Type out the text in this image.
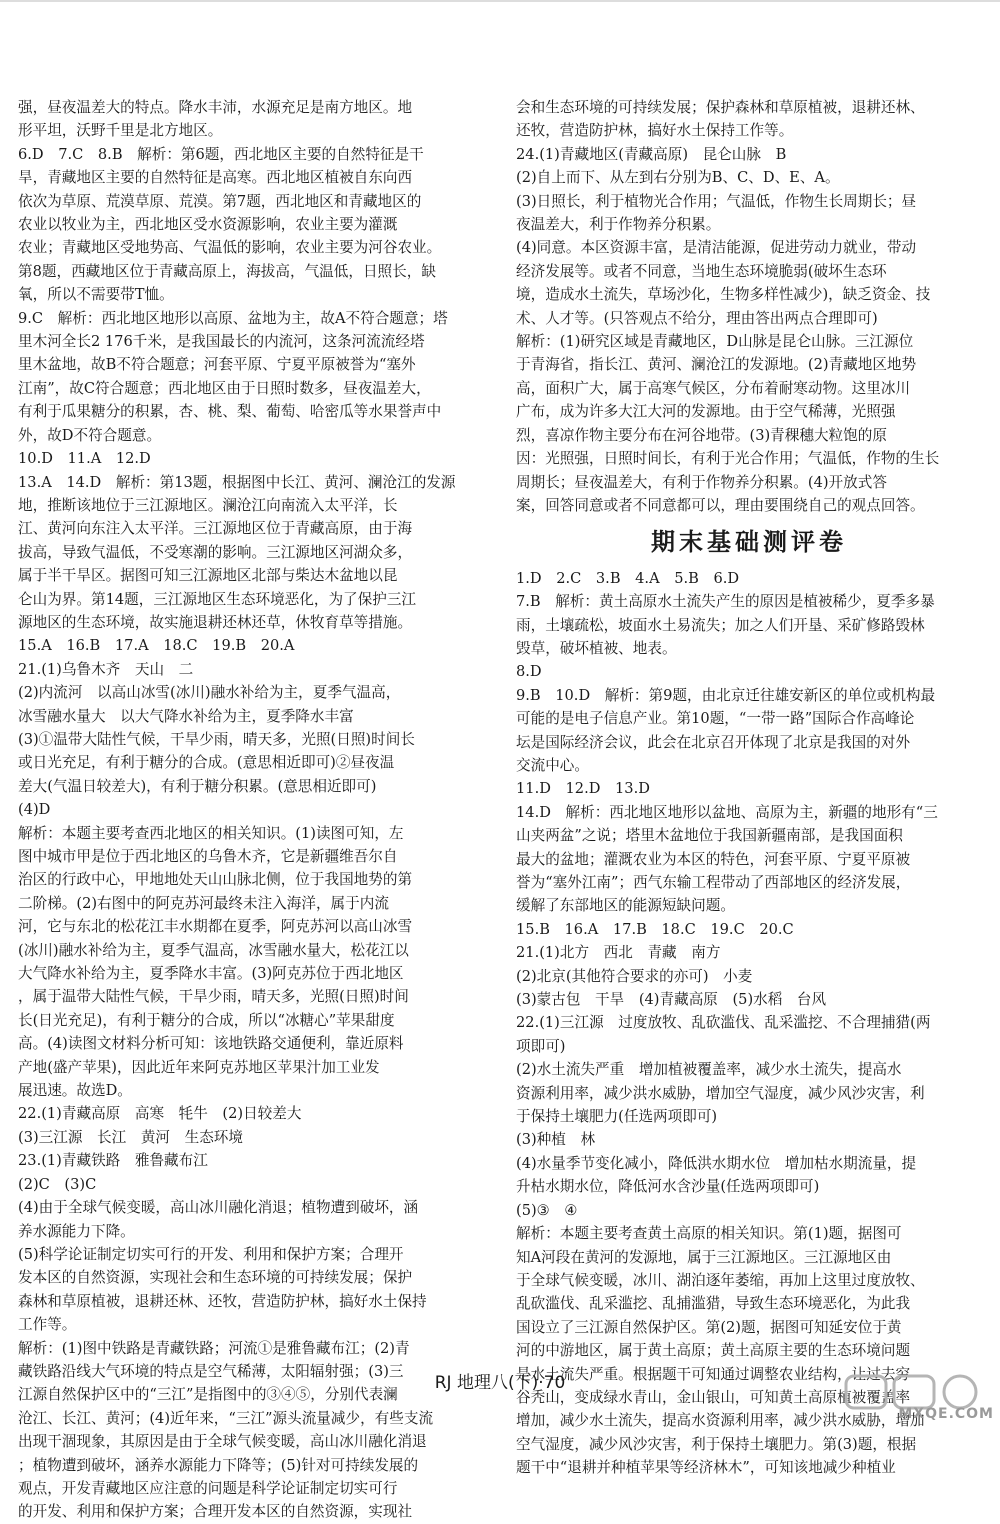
强，昼夜温差大的特点。降水丰沛，水源充足是南方地区。地
形平坦，沃野千里是北方地区。
6.D　7.C　8.B　解析：第6题，西北地区主要的自然特征是干
旱，青藏地区主要的自然特征是高寒。西北地区植被自东向西
依次为草原、荒漠草原、荒漠。第7题，西北地区和青藏地区的
农业以牧业为主，西北地区受水资源影响，农业主要为灌溉
农业；青藏地区受地势高、气温低的影响，农业主要为河谷农业。
第8题，西藏地区位于青藏高原上，海拔高，气温低，日照长，缺
氧，所以不需要带T恤。
9.C　解析：西北地区地形以高原、盆地为主，故A不符合题意；塔
里木河全长2 176千米，是我国最长的内流河，这条河流流经塔
里木盆地，故B不符合题意；河套平原、宁夏平原被誉为“塞外
江南”，故C符合题意；西北地区由于日照时数多，昼夜温差大，
有利于瓜果糖分的积累，杏、桃、梨、葡萄、哈密瓜等水果誉声中
外，故D不符合题意。
10.D　11.A　12.D
13.A　14.D　解析：第13题，根据图中长江、黄河、澜沧江的发源
地，推断该地位于三江源地区。澜沧江向南流入太平洋，长
江、黄河向东注入太平洋。三江源地区位于青藏高原，由于海
拔高，导致气温低，不受寒潮的影响。三江源地区河湖众多，
属于半干旱区。据图可知三江源地区北部与柴达木盆地以昆
仑山为界。第14题，三江源地区生态环境恶化，为了保护三江
源地区的生态环境，故实施退耕还林还草，休牧育草等措施。
15.A　16.B　17.A　18.C　19.B　20.A
21.(1)乌鲁木齐　天山　二
(2)内流河　以高山冰雪(冰川)融水补给为主，夏季气温高，
冰雪融水量大　以大气降水补给为主，夏季降水丰富
(3)①温带大陆性气候，干旱少雨，晴天多，光照(日照)时间长
或日光充足，有利于糖分的合成。(意思相近即可)②昼夜温
差大(气温日较差大)，有利于糖分积累。(意思相近即可)
(4)D
解析：本题主要考查西北地区的相关知识。(1)读图可知，左
图中城市甲是位于西北地区的乌鲁木齐，它是新疆维吾尔自
治区的行政中心，甲地地处天山山脉北侧，位于我国地势的第
二阶梯。(2)右图中的阿克苏河最终未注入海洋，属于内流
河，它与东北的松花江丰水期都在夏季，阿克苏河以高山冰雪
(冰川)融水补给为主，夏季气温高，冰雪融水量大，松花江以
大气降水补给为主，夏季降水丰富。(3)阿克苏位于西北地区
，属于温带大陆性气候，干旱少雨，晴天多，光照(日照)时间
长(日光充足)，有利于糖分的合成，所以“冰糖心”苹果甜度
高。(4)读图文材料分析可知：该地铁路交通便利，靠近原料
产地(盛产苹果)，因此近年来阿克苏地区苹果汁加工业发
展迅速。故选D。
22.(1)青藏高原　高寒　牦牛　(2)日较差大
(3)三江源　长江　黄河　生态环境
23.(1)青藏铁路　雅鲁藏布江
(2)C　(3)C
(4)由于全球气候变暖，高山冰川融化消退；植物遭到破坏，涵
养水源能力下降。
(5)科学论证制定切实可行的开发、利用和保护方案；合理开
发本区的自然资源，实现社会和生态环境的可持续发展；保护
森林和草原植被，退耕还林、还牧，营造防护林，搞好水土保持
工作等。
解析：(1)图中铁路是青藏铁路；河流①是雅鲁藏布江；(2)青
藏铁路沿线大气环境的特点是空气稀薄，太阳辐射强；(3)三
江源自然保护区中的“三江”是指图中的③④⑤，分别代表澜
沧江、长江、黄河；(4)近年来，“三江”源头流量减少，有些支流
出现干涸现象，其原因是由于全球气候变暖，高山冰川融化消退
；植物遭到破坏，涵养水源能力下降等；(5)针对可持续发展的
观点，开发青藏地区应注意的问题是科学论证制定切实可行
的开发、利用和保护方案；合理开发本区的自然资源，实现社
会和生态环境的可持续发展；保护森林和草原植被，退耕还林、
还牧，营造防护林，搞好水土保持工作等。
24.(1)青藏地区(青藏高原)　昆仑山脉　B
(2)自上而下、从左到右分别为B、C、D、E、A。
(3)日照长，利于植物光合作用；气温低，作物生长周期长；昼
夜温差大，利于作物养分积累。
(4)同意。本区资源丰富，是清洁能源，促进劳动力就业，带动
经济发展等。或者不同意，当地生态环境脆弱(破坏生态环
境，造成水土流失，草场沙化，生物多样性减少)，缺乏资金、技
术、人才等。(只答观点不给分，理由答出两点合理即可)
解析：(1)研究区域是青藏地区，D山脉是昆仑山脉。三江源位
于青海省，指长江、黄河、澜沧江的发源地。(2)青藏地区地势
高，面积广大，属于高寒气候区，分布着耐寒动物。这里冰川
广布，成为许多大江大河的发源地。由于空气稀薄，光照强
烈，喜凉作物主要分布在河谷地带。(3)青稞穗大粒饱的原
因：光照强，日照时间长，有利于光合作用；气温低，作物的生长
周期长；昼夜温差大，有利于作物养分积累。(4)开放式答
案，回答同意或者不同意都可以，理由要围绕自己的观点回答。
期末基础测评卷
1.D　2.C　3.B　4.A　5.B　6.D
7.B　解析：黄土高原水土流失产生的原因是植被稀少，夏季多暴
雨，土壤疏松，坡面水土易流失；加之人们开垦、采矿修路毁林
毁草，破坏植被、地表。
8.D
9.B　10.D　解析：第9题，由北京迁往雄安新区的单位或机构最
可能的是电子信息产业。第10题，“一带一路”国际合作高峰论
坛是国际经济会议，此会在北京召开体现了北京是我国的对外
交流中心。
11.D　12.D　13.D
14.D　解析：西北地区地形以盆地、高原为主，新疆的地形有“三
山夹两盆”之说；塔里木盆地位于我国新疆南部，是我国面积
最大的盆地；灌溉农业为本区的特色，河套平原、宁夏平原被
誉为“塞外江南”；西气东输工程带动了西部地区的经济发展，
缓解了东部地区的能源短缺问题。
15.B　16.A　17.B　18.C　19.C　20.C
21.(1)北方　西北　青藏　南方
(2)北京(其他符合要求的亦可)　小麦
(3)蒙古包　干旱　(4)青藏高原　(5)水稻　台风
22.(1)三江源　过度放牧、乱砍滥伐、乱采滥挖、不合理捕猎(两
项即可)
(2)水土流失严重　增加植被覆盖率，减少水土流失，提高水
资源利用率，减少洪水威胁，增加空气湿度，减少风沙灾害，利
于保持土壤肥力(任选两项即可)
(3)种植　林
(4)水量季节变化减小，降低洪水期水位　增加枯水期流量，提
升枯水期水位，降低河水含沙量(任选两项即可)
(5)③　④
解析：本题主要考查黄土高原的相关知识。第(1)题，据图可
知A河段在黄河的发源地，属于三江源地区。三江源地区由
于全球气候变暖，冰川、湖泊逐年萎缩，再加上这里过度放牧、
乱砍滥伐、乱采滥挖、乱捕滥猎，导致生态环境恶化，为此我
国设立了三江源自然保护区。第(2)题，据图可知延安位于黄
河的中游地区，属于黄土高原；黄土高原主要的生态环境问题
是水土流失严重。根据题干可知通过调整农业结构，让过去穷
谷秃山，变成绿水青山，金山银山，可知黄土高原植被覆盖率
增加，减少水土流失，提高水资源利用率，减少洪水威胁，增加
空气湿度，减少风沙灾害，利于保持土壤肥力。第(3)题，根据
题干中“退耕并种植苹果等经济林木”，可知该地减少种植业
RJ 地理八(下)·70
MXQE.COM
